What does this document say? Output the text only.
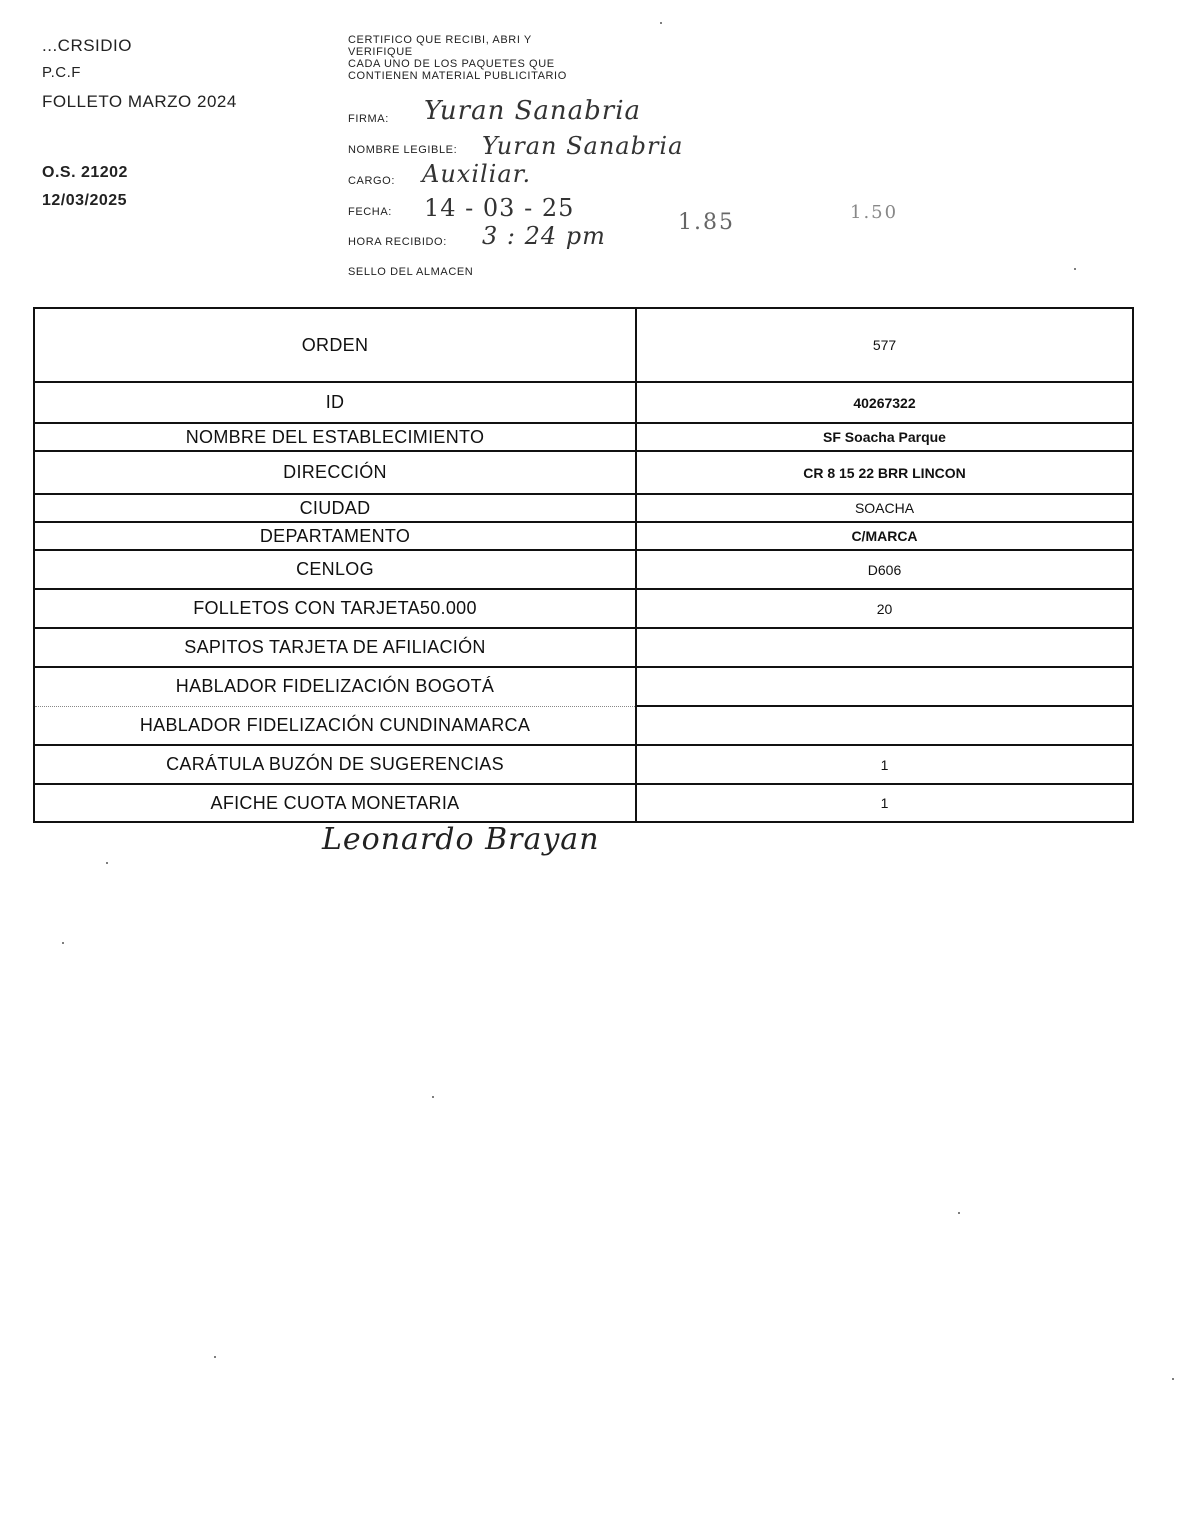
...CRSIDIO
P.C.F
FOLLETO MARZO 2024
O.S. 21202
12/03/2025
CERTIFICO QUE RECIBI, ABRI Y
VERIFIQUE
CADA UNO DE LOS PAQUETES QUE
CONTIENEN MATERIAL PUBLICITARIO
FIRMA: Yuran Sanabria
NOMBRE LEGIBLE: Yuran Sanabria
CARGO: Auxiliar.
FECHA: 14 - 03 - 25
HORA RECIBIDO: 3 : 24 pm
SELLO DEL ALMACEN
1.85	1.50
ORDEN	577
ID	40267322
NOMBRE DEL ESTABLECIMIENTO	SF Soacha Parque
DIRECCIÓN	CR 8 15 22 BRR LINCON
CIUDAD	SOACHA
DEPARTAMENTO	C/MARCA
CENLOG	D606
FOLLETOS CON TARJETA50.000	20
SAPITOS TARJETA DE AFILIACIÓN	
HABLADOR FIDELIZACIÓN BOGOTÁ	
HABLADOR FIDELIZACIÓN CUNDINAMARCA	
CARÁTULA BUZÓN DE SUGERENCIAS	1
AFICHE CUOTA MONETARIA	1
Leonardo Brayan
